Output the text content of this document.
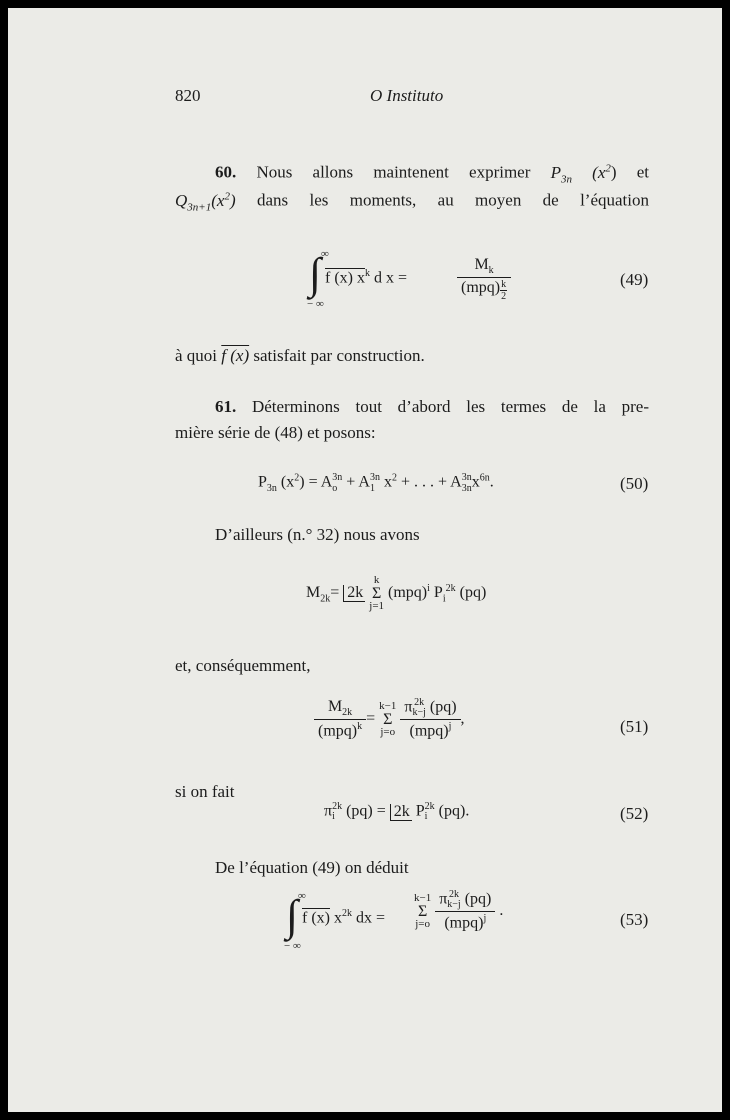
820	O Instituto
60. Nous allons maintenent exprimer $P_{3n}$ $(x^2)$ et
$Q_{3n+1}(x^2)$ dans les moments, au moyen de l’équation
∞
∫
− ∞
f (x) $x^k$ d x =	$\frac{M_k}{(mpq) \frac{k}{2}}$	(49)
à quoi f (x) satisfait par construction.
61. Déterminons tout d’abord les termes de la pre-
mière série de (48) et posons:
$P_{3n}$ $(x^2) = A$ 3n
o + A 3n
1 $x^2$ + . . . + A 3n
3n $x^{6n}$.	(50)
D’ailleurs (n.° 32) nous avons
$M_{2k}= 2k$
k
Σ
j=1
(mpq)$^i$ $P_i^{2k}$ (pq)
et, conséquemment,
$\frac{M_{2k}}{(mpq)^k}$ =
k−1
Σ
j=o
π 2k
k−j (pq)
(mpq)$^j$ ,	(51)
si on fait
π 2k
i (pq) = 2k P 2k
i (pq).	(52)
De l’équation (49) on déduit
∞
∫
− ∞
f (x) $x^{2k}$ dx =
k−1
Σ
j=o
π 2k
k−j (pq)
(mpq)$^j$ .	(53)
